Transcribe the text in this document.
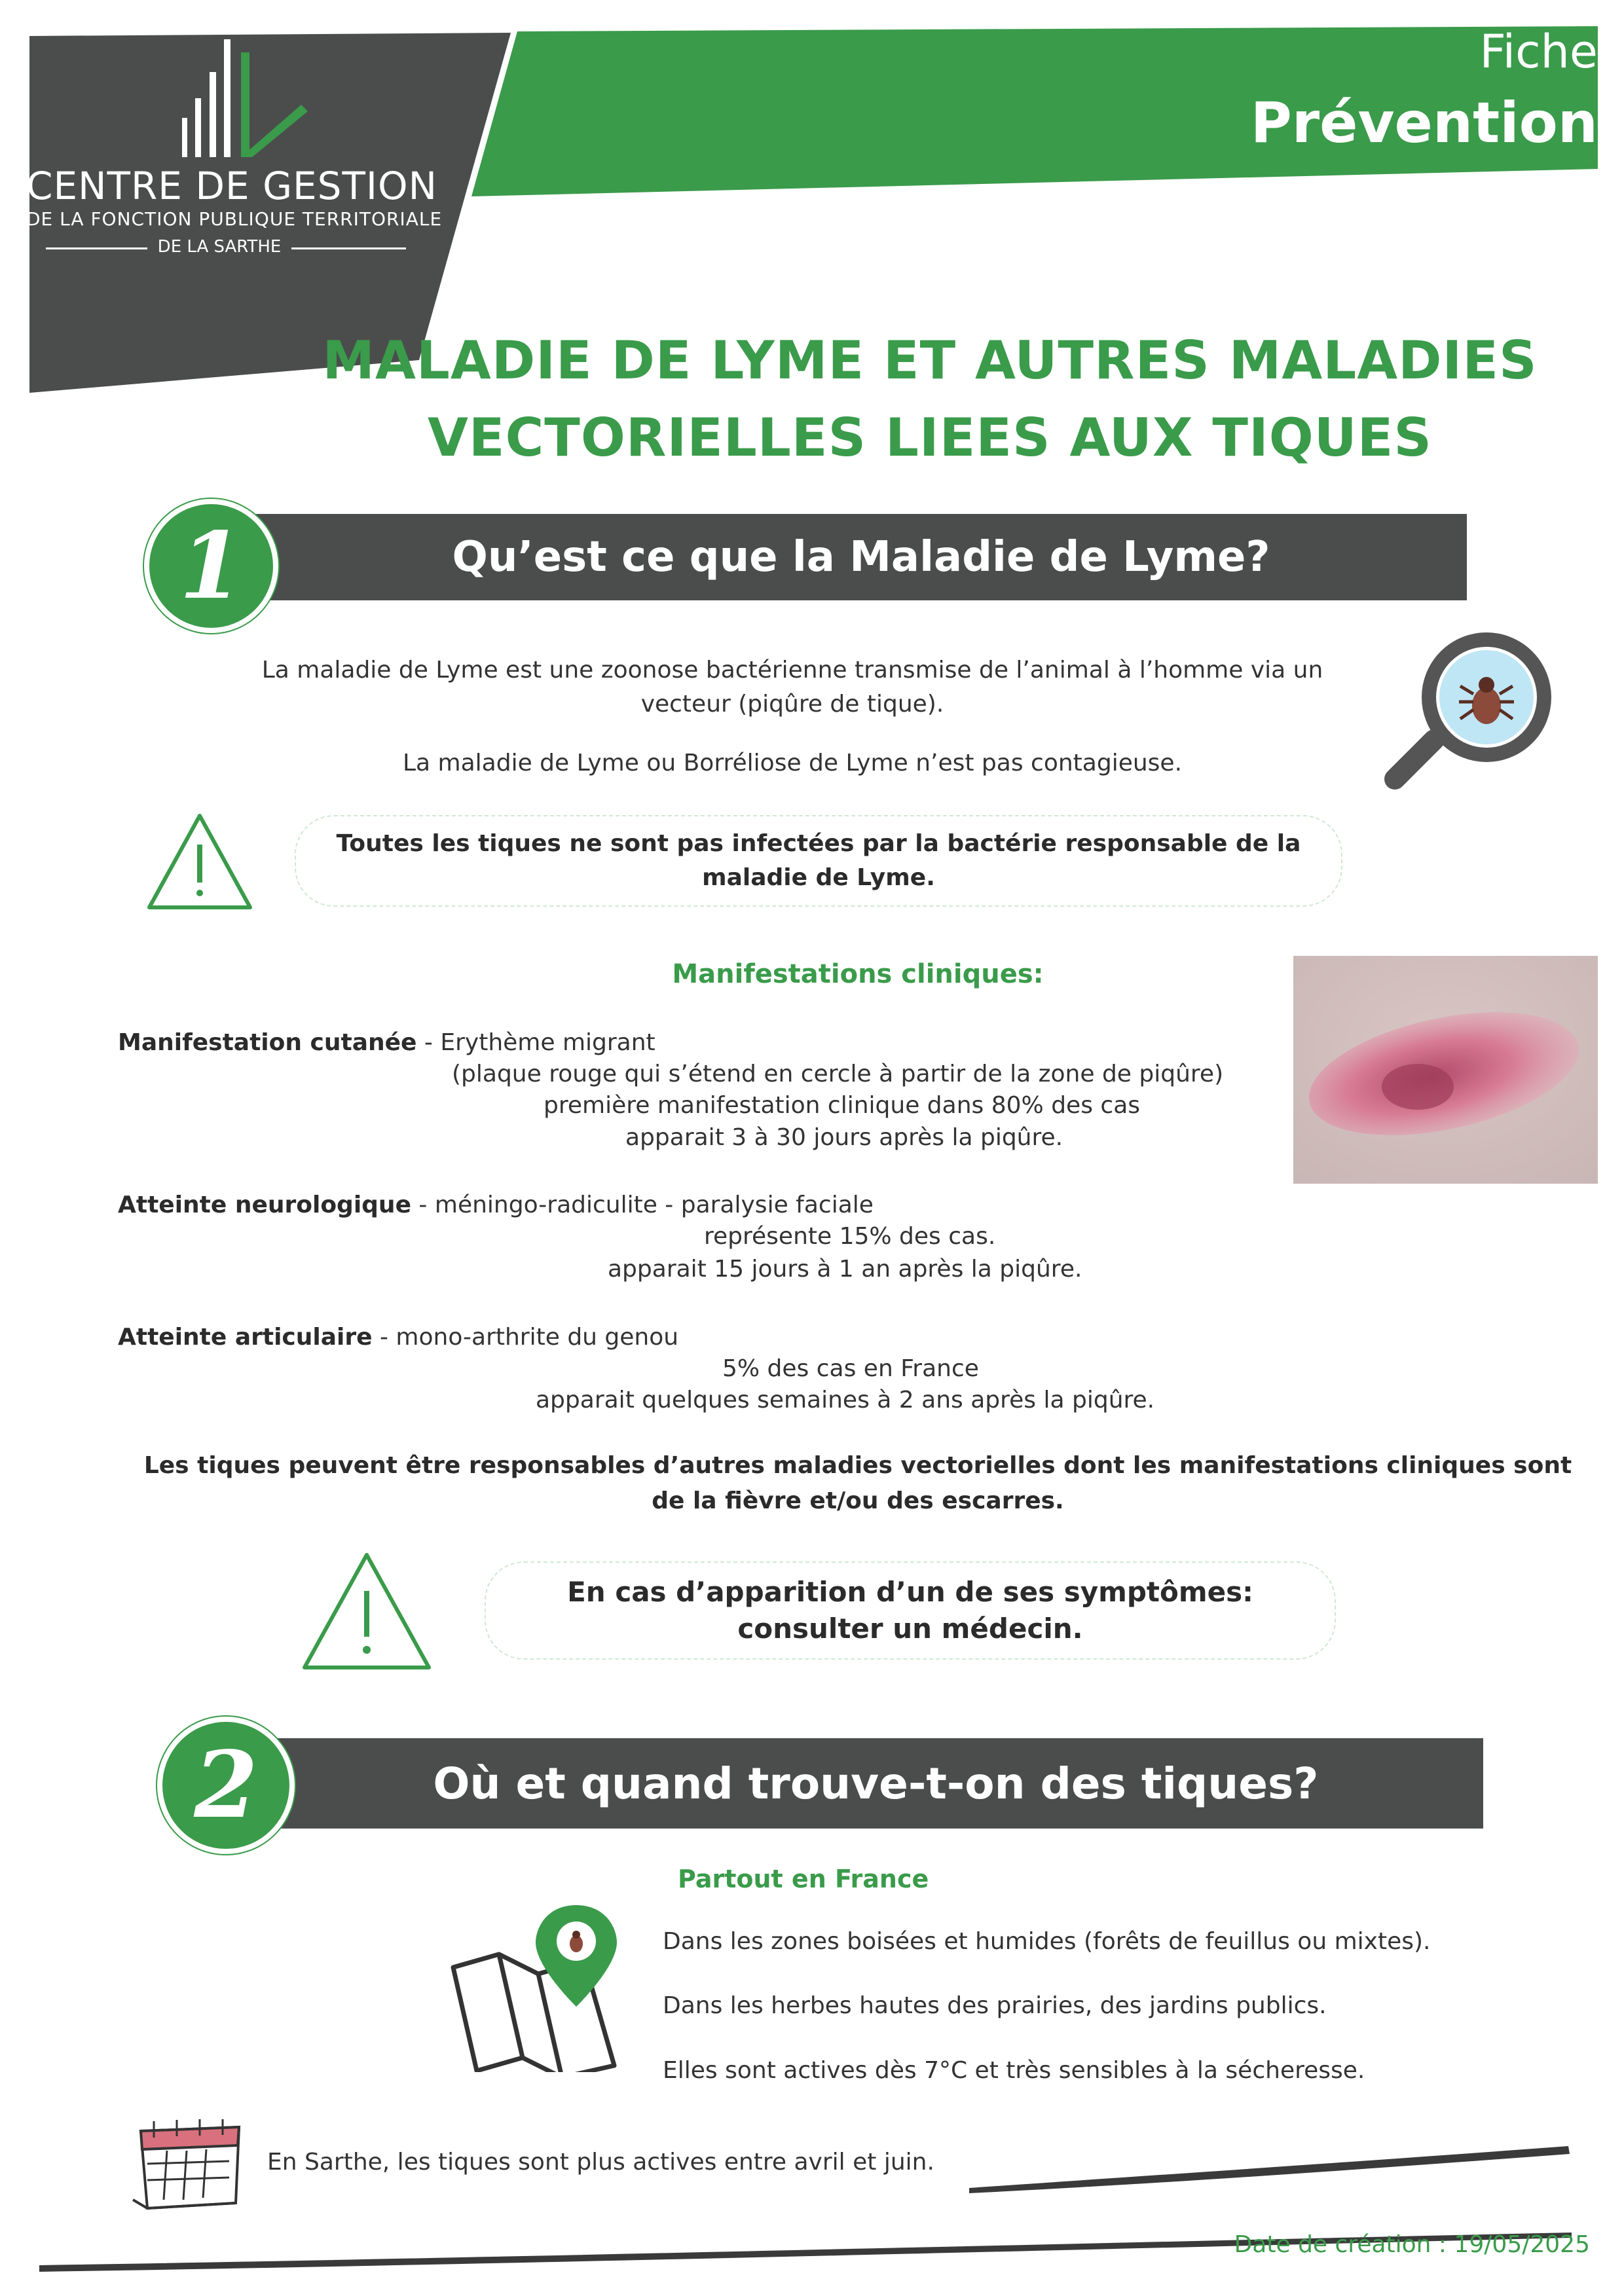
CENTRE DE GESTION
DE LA FONCTION PUBLIQUE TERRITORIALE
DE LA SARTHE
Fiche
Prévention
MALADIE DE LYME ET AUTRES MALADIES
VECTORIELLES LIEES AUX TIQUES
Qu’est ce que la Maladie de Lyme?
1
La maladie de Lyme est une zoonose bactérienne transmise de l’animal à l’homme via un
vecteur (piqûre de tique).
La maladie de Lyme ou Borréliose de Lyme n’est pas contagieuse.
Toutes les tiques ne sont pas infectées par la bactérie responsable de la
maladie de Lyme.
Manifestations cliniques:
Manifestation cutanée - Erythème migrant
(plaque rouge qui s’étend en cercle à partir de la zone de piqûre)
première manifestation clinique dans 80% des cas
apparait 3 à 30 jours après la piqûre.
Atteinte neurologique - méningo-radiculite - paralysie faciale
représente 15% des cas.
apparait 15 jours à 1 an après la piqûre.
Atteinte articulaire - mono-arthrite du genou
5% des cas en France
apparait quelques semaines à 2 ans après la piqûre.
Les tiques peuvent être responsables d’autres maladies vectorielles dont les manifestations cliniques sont
de la fièvre et/ou des escarres.
En cas d’apparition d’un de ses symptômes:
consulter un médecin.
Où et quand trouve-t-on des tiques?
2
Partout en France
Dans les zones boisées et humides (forêts de feuillus ou mixtes).
Dans les herbes hautes des prairies, des jardins publics.
Elles sont actives dès 7°C et très sensibles à la sécheresse.
En Sarthe, les tiques sont plus actives entre avril et juin.
Date de création : 19/05/2025
